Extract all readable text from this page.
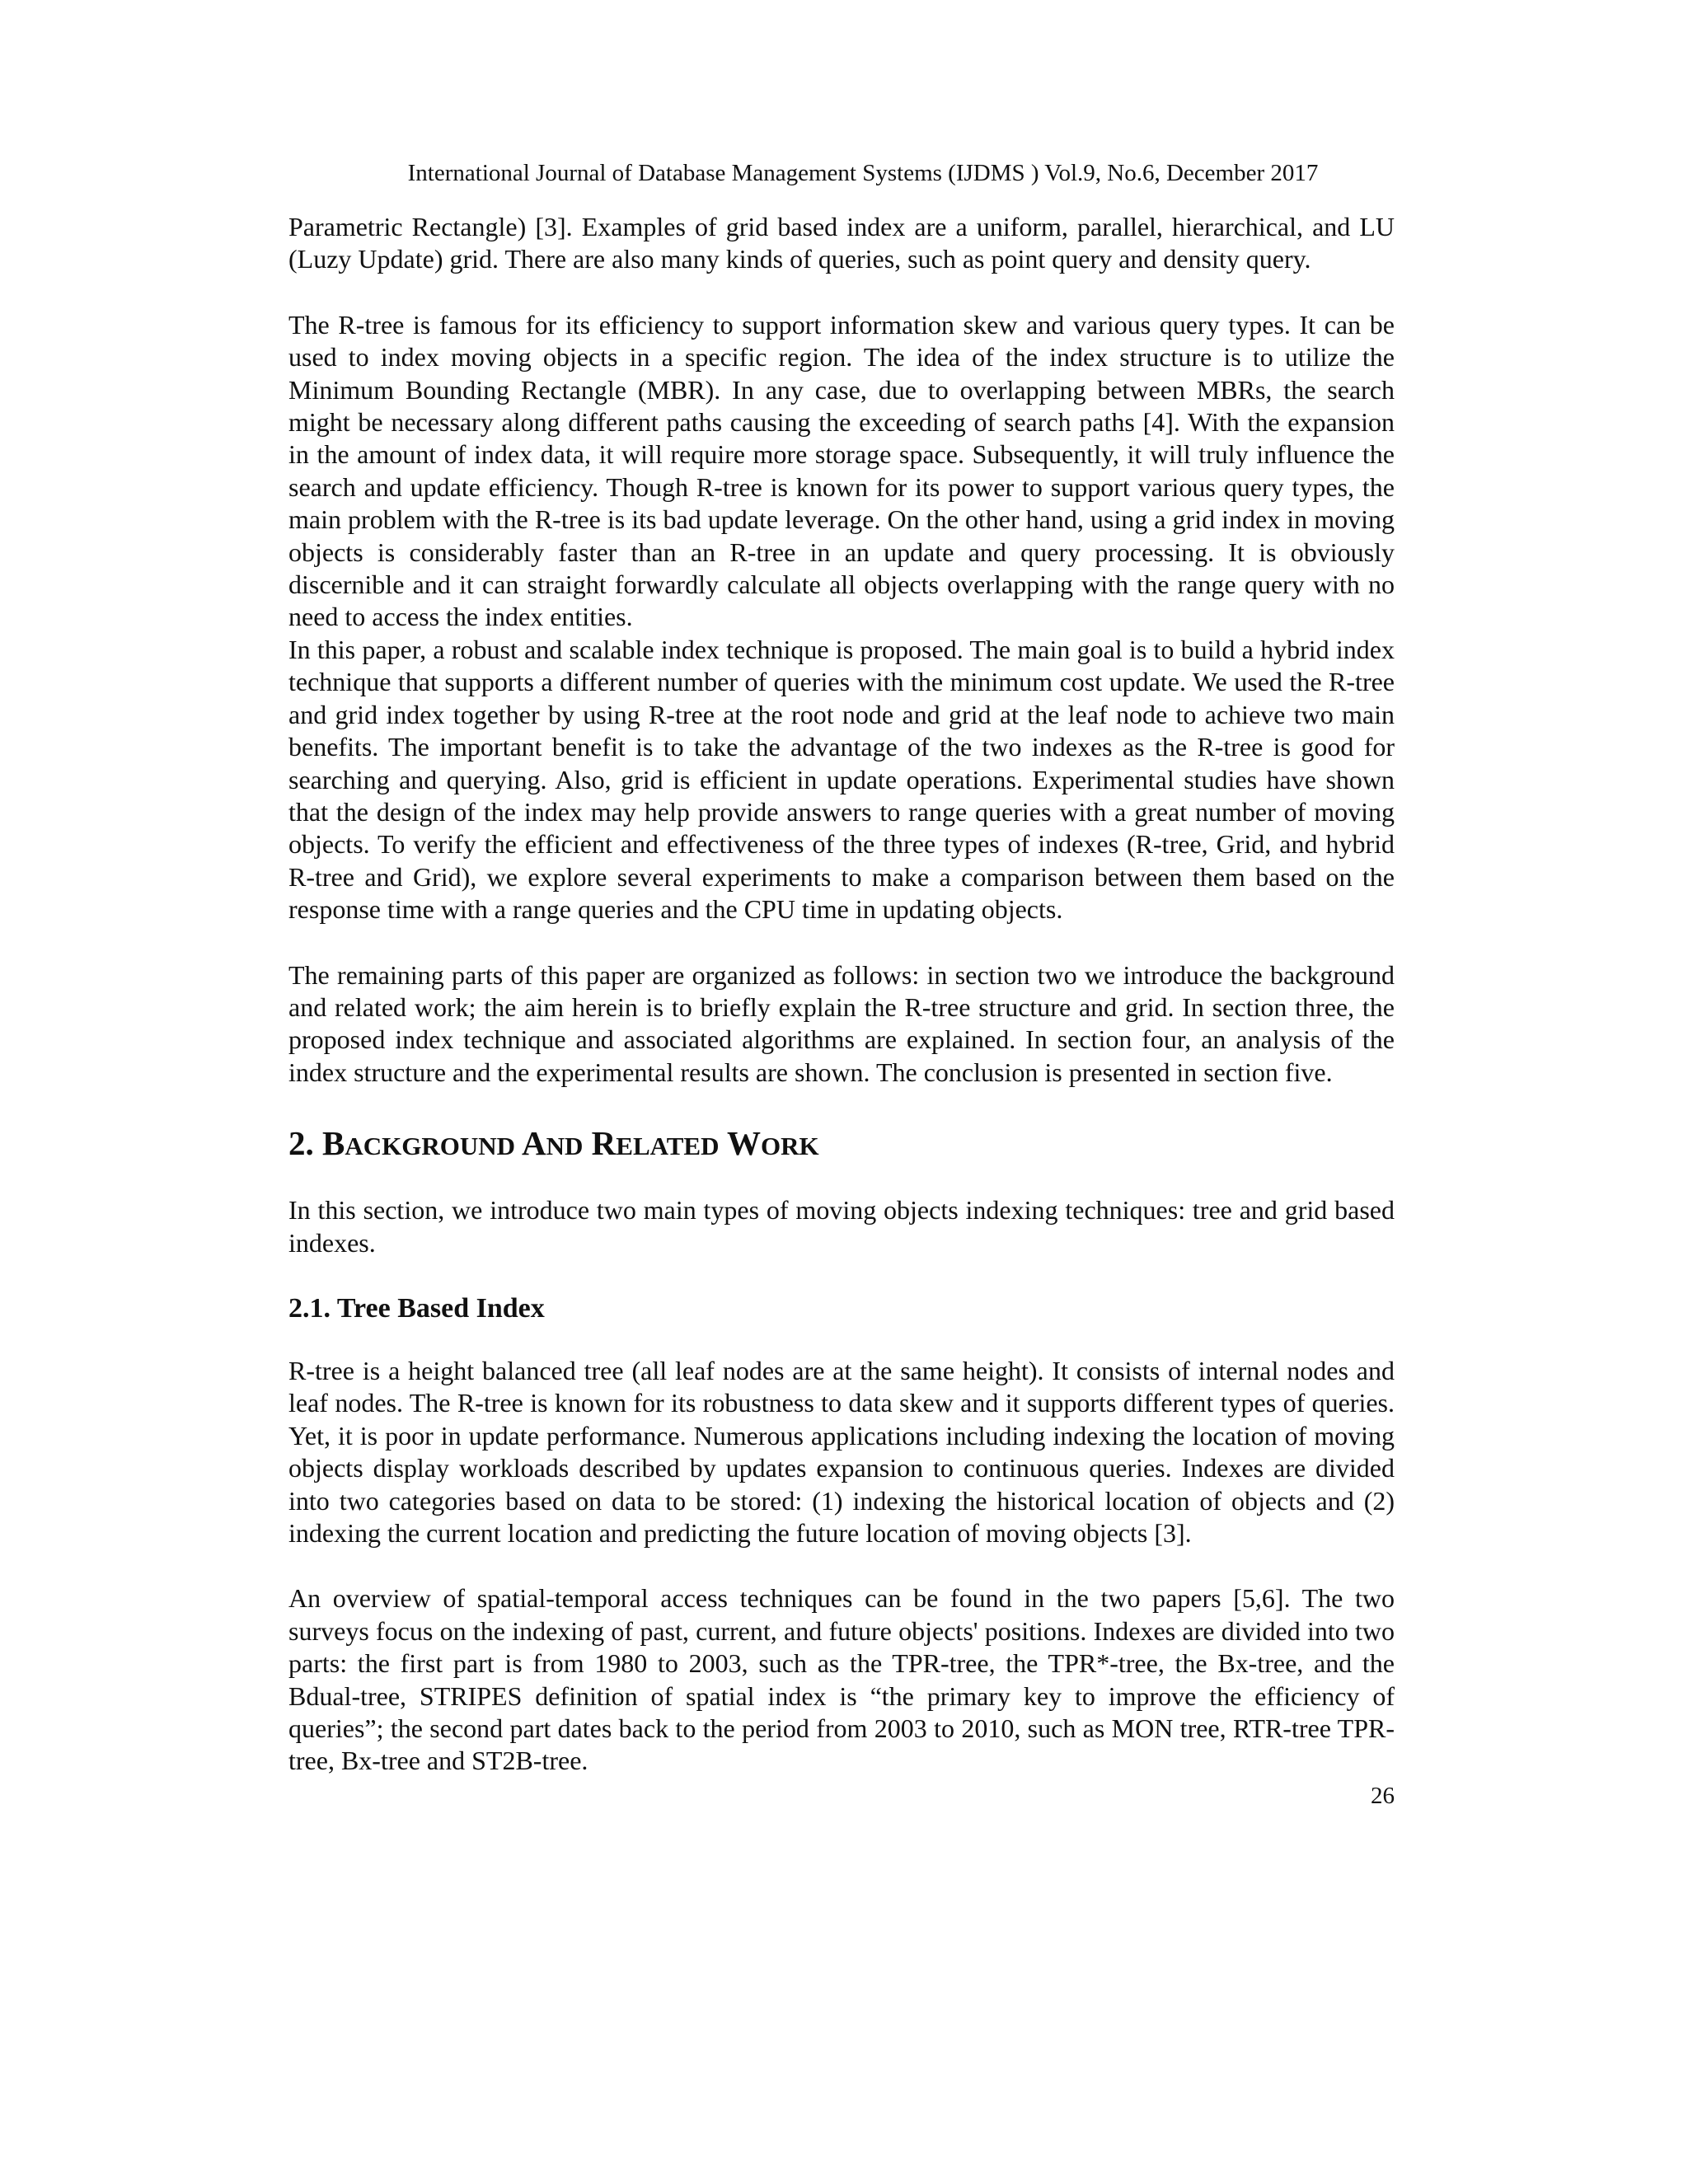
International Journal of Database Management Systems (IJDMS ) Vol.9, No.6, December 2017

Parametric Rectangle) [3]. Examples of grid based index are a uniform, parallel, hierarchical, and LU (Luzy Update) grid. There are also many kinds of queries, such as point query and density query.

The R-tree is famous for its efficiency to support information skew and various query types. It can be used to index moving objects in a specific region. The idea of the index structure is to utilize the Minimum Bounding Rectangle (MBR). In any case, due to overlapping between MBRs, the search might be necessary along different paths causing the exceeding of search paths [4]. With the expansion in the amount of index data, it will require more storage space. Subsequently, it will truly influence the search and update efficiency. Though R-tree is known for its power to support various query types, the main problem with the R-tree is its bad update leverage. On the other hand, using a grid index in moving objects is considerably faster than an R-tree in an update and query processing. It is obviously discernible and it can straight forwardly calculate all objects overlapping with the range query with no need to access the index entities.

In this paper, a robust and scalable index technique is proposed. The main goal is to build a hybrid index technique that supports a different number of queries with the minimum cost update. We used the R-tree and grid index together by using R-tree at the root node and grid at the leaf node to achieve two main benefits. The important benefit is to take the advantage of the two indexes as the R-tree is good for searching and querying. Also, grid is efficient in update operations. Experimental studies have shown that the design of the index may help provide answers to range queries with a great number of moving objects. To verify the efficient and effectiveness of the three types of indexes (R-tree, Grid, and hybrid R-tree and Grid), we explore several experiments to make a comparison between them based on the response time with a range queries and the CPU time in updating objects.

The remaining parts of this paper are organized as follows: in section two we introduce the background and related work; the aim herein is to briefly explain the R-tree structure and grid. In section three, the proposed index technique and associated algorithms are explained. In section four, an analysis of the index structure and the experimental results are shown. The conclusion is presented in section five.

2. BACKGROUND AND RELATED WORK

In this section, we introduce two main types of moving objects indexing techniques: tree and grid based indexes.

2.1. Tree Based Index

R-tree is a height balanced tree (all leaf nodes are at the same height). It consists of internal nodes and leaf nodes. The R-tree is known for its robustness to data skew and it supports different types of queries. Yet, it is poor in update performance. Numerous applications including indexing the location of moving objects display workloads described by updates expansion to continuous queries. Indexes are divided into two categories based on data to be stored: (1) indexing the historical location of objects and (2) indexing the current location and predicting the future location of moving objects [3].

An overview of spatial-temporal access techniques can be found in the two papers [5,6]. The two surveys focus on the indexing of past, current, and future objects' positions. Indexes are divided into two parts: the first part is from 1980 to 2003, such as the TPR-tree, the TPR*-tree, the Bx-tree, and the Bdual-tree, STRIPES definition of spatial index is “the primary key to improve the efficiency of queries”; the second part dates back to the period from 2003 to 2010, such as MON tree, RTR-tree TPR-tree, Bx-tree and ST2B-tree.

26
